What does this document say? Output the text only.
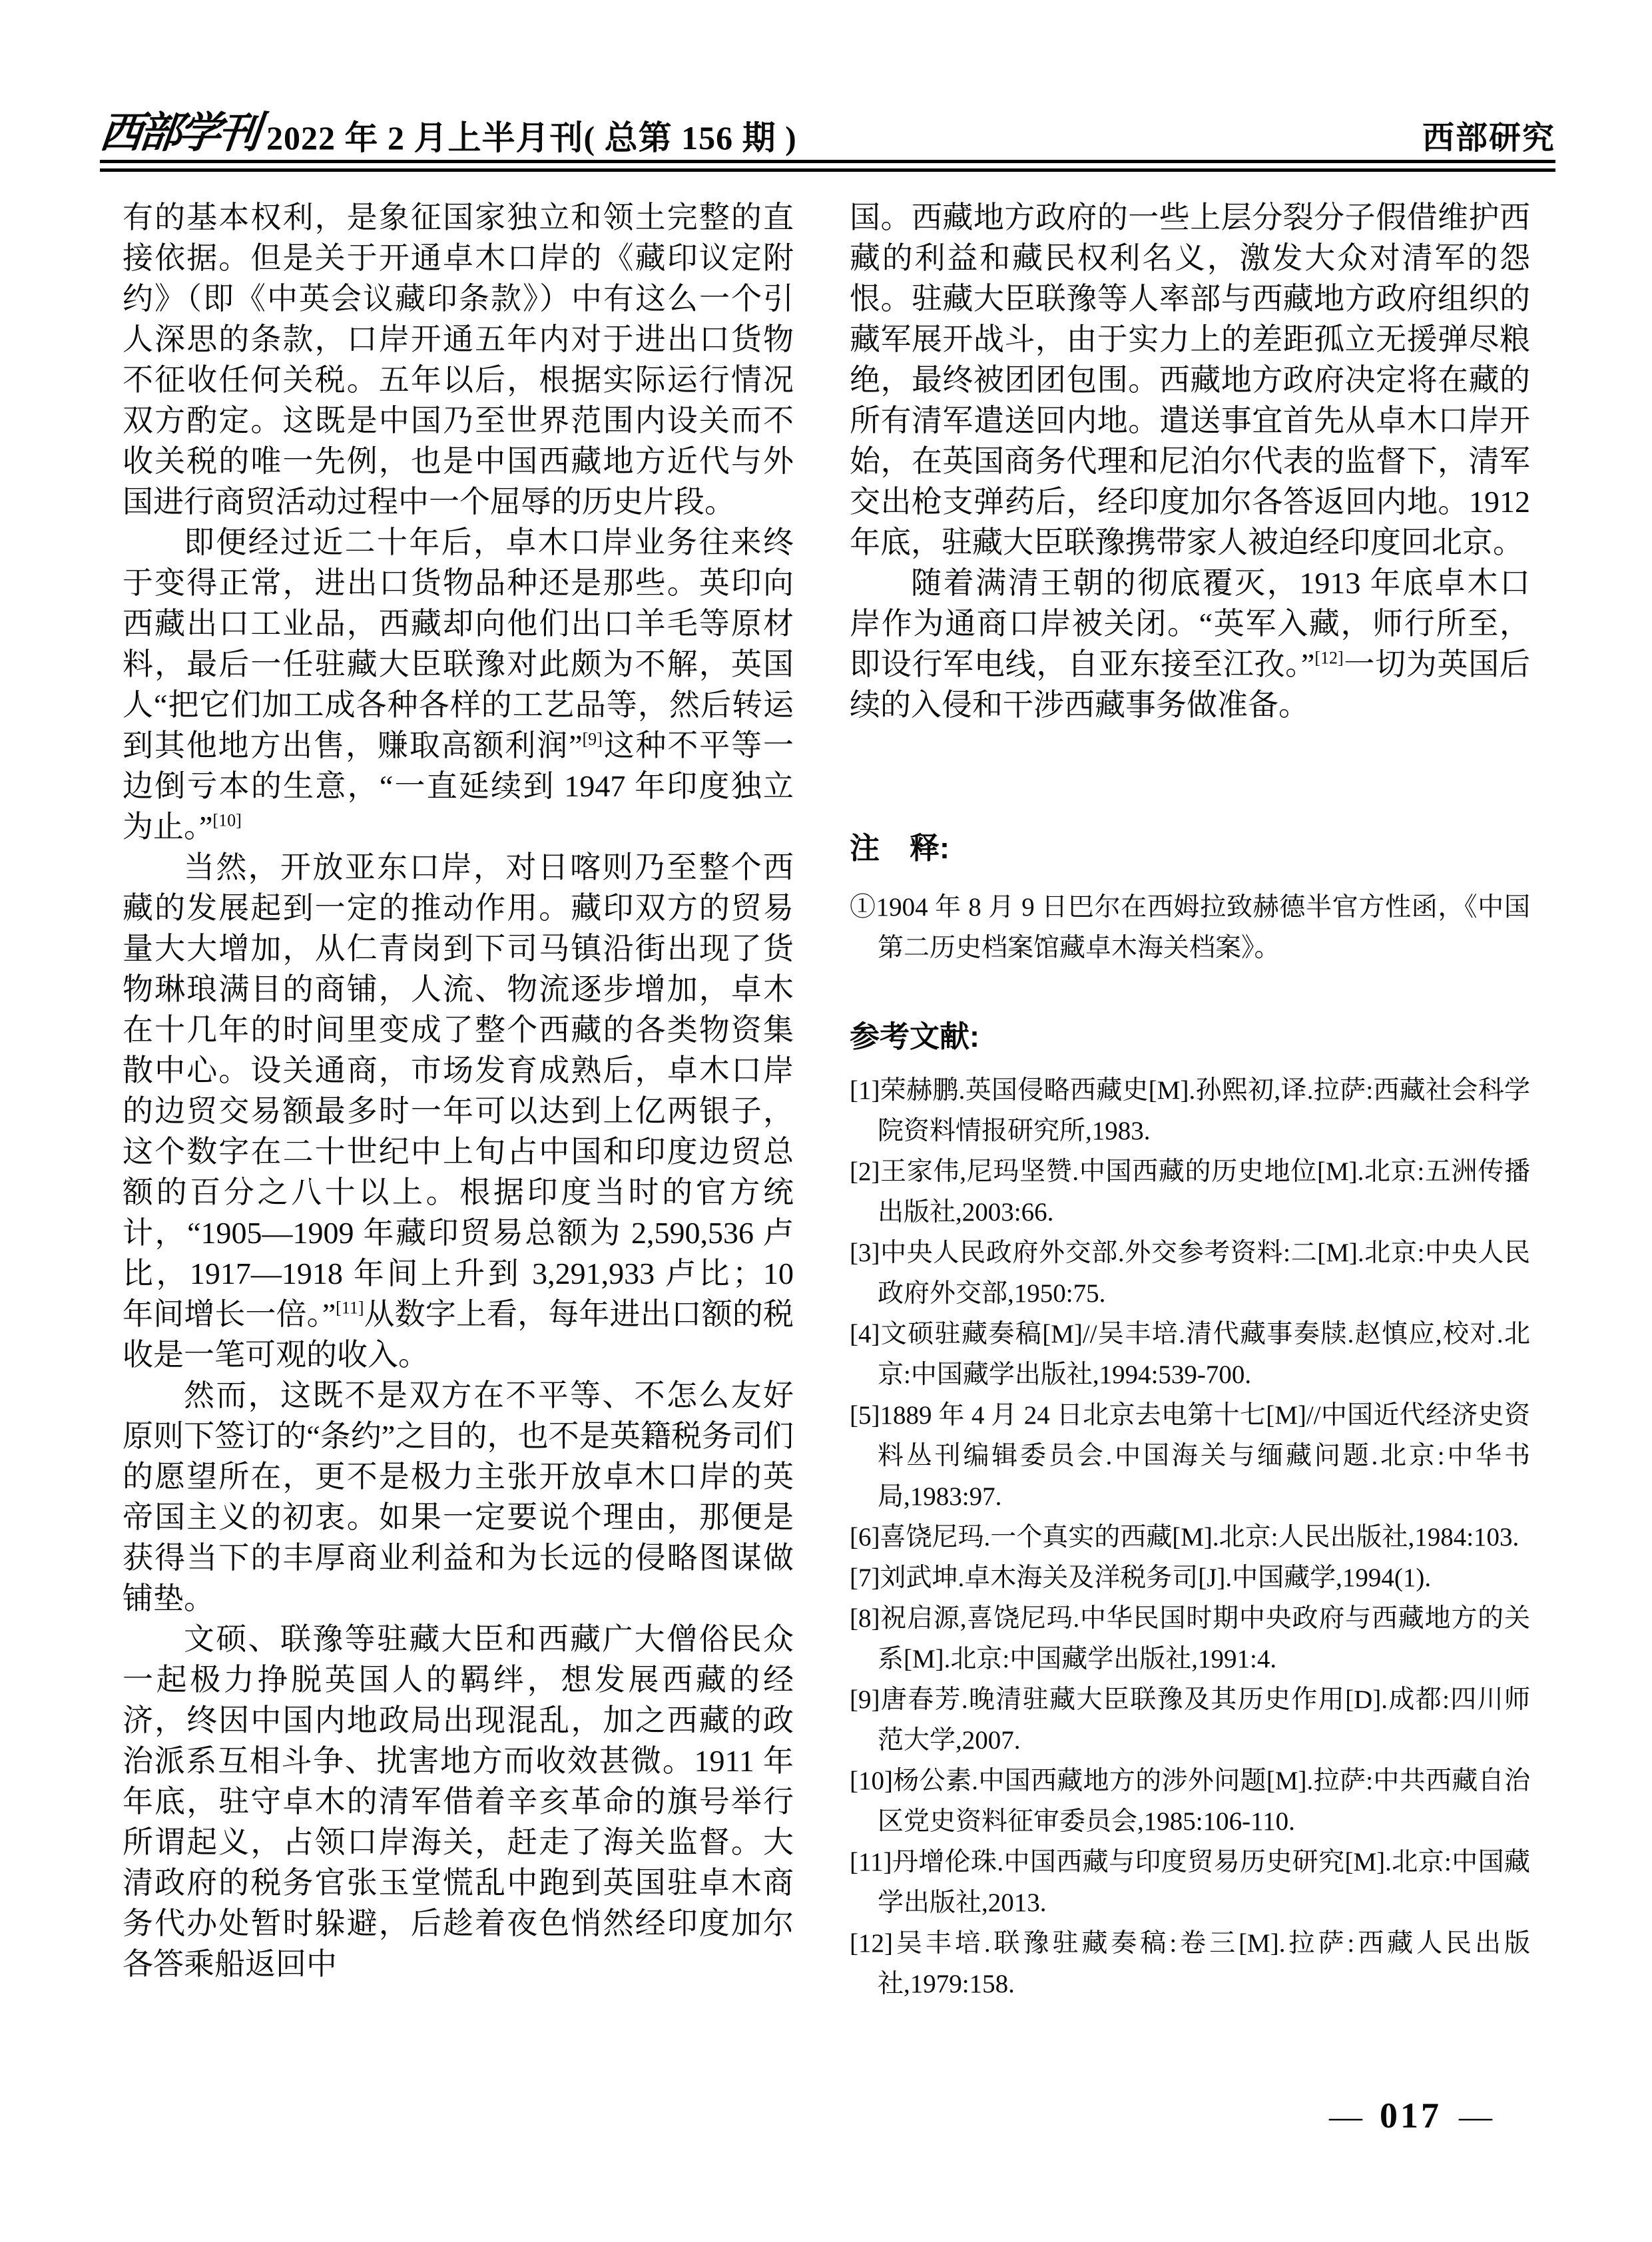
西部学刊 2022 年 2 月上半月刊( 总第 156 期 )	西部研究

有的基本权利，是象征国家独立和领土完整的直接依据。但是关于开通卓木口岸的《藏印议定附约》（即《中英会议藏印条款》）中有这么一个引人深思的条款，口岸开通五年内对于进出口货物不征收任何关税。五年以后，根据实际运行情况双方酌定。这既是中国乃至世界范围内设关而不收关税的唯一先例，也是中国西藏地方近代与外国进行商贸活动过程中一个屈辱的历史片段。

即便经过近二十年后，卓木口岸业务往来终于变得正常，进出口货物品种还是那些。英印向西藏出口工业品，西藏却向他们出口羊毛等原材料，最后一任驻藏大臣联豫对此颇为不解，英国人“把它们加工成各种各样的工艺品等，然后转运到其他地方出售，赚取高额利润”[9]这种不平等一边倒亏本的生意，“一直延续到 1947 年印度独立为止。”[10]

当然，开放亚东口岸，对日喀则乃至整个西藏的发展起到一定的推动作用。藏印双方的贸易量大大增加，从仁青岗到下司马镇沿街出现了货物琳琅满目的商铺，人流、物流逐步增加，卓木在十几年的时间里变成了整个西藏的各类物资集散中心。设关通商，市场发育成熟后，卓木口岸的边贸交易额最多时一年可以达到上亿两银子，这个数字在二十世纪中上旬占中国和印度边贸总额的百分之八十以上。根据印度当时的官方统计，“1905—1909 年藏印贸易总额为 2,590,536 卢比，1917—1918 年间上升到 3,291,933 卢比；10 年间增长一倍。”[11]从数字上看，每年进出口额的税收是一笔可观的收入。

然而，这既不是双方在不平等、不怎么友好原则下签订的“条约”之目的，也不是英籍税务司们的愿望所在，更不是极力主张开放卓木口岸的英帝国主义的初衷。如果一定要说个理由，那便是获得当下的丰厚商业利益和为长远的侵略图谋做铺垫。

文硕、联豫等驻藏大臣和西藏广大僧俗民众一起极力挣脱英国人的羁绊，想发展西藏的经济，终因中国内地政局出现混乱，加之西藏的政治派系互相斗争、扰害地方而收效甚微。1911 年年底，驻守卓木的清军借着辛亥革命的旗号举行所谓起义，占领口岸海关，赶走了海关监督。大清政府的税务官张玉堂慌乱中跑到英国驻卓木商务代办处暂时躲避，后趁着夜色悄然经印度加尔各答乘船返回中

国。西藏地方政府的一些上层分裂分子假借维护西藏的利益和藏民权利名义，激发大众对清军的怨恨。驻藏大臣联豫等人率部与西藏地方政府组织的藏军展开战斗，由于实力上的差距孤立无援弹尽粮绝，最终被团团包围。西藏地方政府决定将在藏的所有清军遣送回内地。遣送事宜首先从卓木口岸开始，在英国商务代理和尼泊尔代表的监督下，清军交出枪支弹药后，经印度加尔各答返回内地。1912 年底，驻藏大臣联豫携带家人被迫经印度回北京。

随着满清王朝的彻底覆灭，1913 年底卓木口岸作为通商口岸被关闭。“英军入藏，师行所至，即设行军电线，自亚东接至江孜。”[12]一切为英国后续的入侵和干涉西藏事务做准备。

注　释:

①1904 年 8 月 9 日巴尔在西姆拉致赫德半官方性函，《中国第二历史档案馆藏卓木海关档案》。

参考文献:

[1]荣赫鹏.英国侵略西藏史[M].孙熙初,译.拉萨:西藏社会科学院资料情报研究所,1983.

[2]王家伟,尼玛坚赞.中国西藏的历史地位[M].北京:五洲传播出版社,2003:66.

[3]中央人民政府外交部.外交参考资料:二[M].北京:中央人民政府外交部,1950:75.

[4]文硕驻藏奏稿[M]//吴丰培.清代藏事奏牍.赵慎应,校对.北京:中国藏学出版社,1994:539-700.

[5]1889 年 4 月 24 日北京去电第十七[M]//中国近代经济史资料丛刊编辑委员会.中国海关与缅藏问题.北京:中华书局,1983:97.

[6]喜饶尼玛.一个真实的西藏[M].北京:人民出版社,1984:103.

[7]刘武坤.卓木海关及洋税务司[J].中国藏学,1994(1).

[8]祝启源,喜饶尼玛.中华民国时期中央政府与西藏地方的关系[M].北京:中国藏学出版社,1991:4.

[9]唐春芳.晚清驻藏大臣联豫及其历史作用[D].成都:四川师范大学,2007.

[10]杨公素.中国西藏地方的涉外问题[M].拉萨:中共西藏自治区党史资料征审委员会,1985:106-110.

[11]丹增伦珠.中国西藏与印度贸易历史研究[M].北京:中国藏学出版社,2013.

[12]吴丰培.联豫驻藏奏稿:卷三[M].拉萨:西藏人民出版社,1979:158.

— 017 —
